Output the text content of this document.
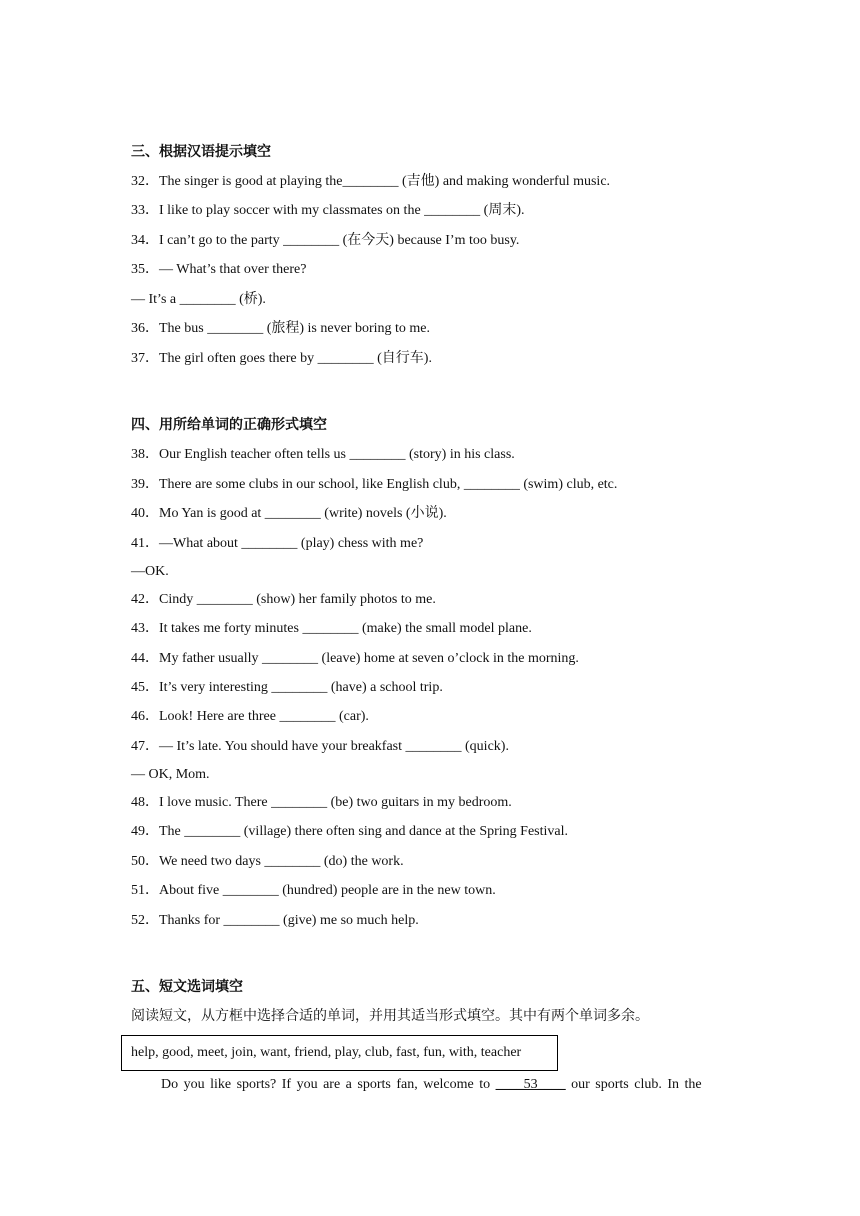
三、根据汉语提示填空
32．The singer is good at playing the________ (吉他) and making wonderful music.
33．I like to play soccer with my classmates on the ________ (周末).
34．I can’t go to the party ________ (在今天) because I’m too busy.
35．— What’s that over there?
— It’s a ________ (桥).
36．The bus ________ (旅程) is never boring to me.
37．The girl often goes there by ________ (自行车).
四、用所给单词的正确形式填空
38．Our English teacher often tells us ________ (story) in his class.
39．There are some clubs in our school, like English club, ________ (swim) club, etc.
40．Mo Yan is good at ________ (write) novels (小说).
41．—What about ________ (play) chess with me?
—OK.
42．Cindy ________ (show) her family photos to me.
43．It takes me forty minutes ________ (make) the small model plane.
44．My father usually ________ (leave) home at seven o’clock in the morning.
45．It’s very interesting ________ (have) a school trip.
46．Look! Here are three ________ (car).
47．— It’s late. You should have your breakfast ________ (quick).
— OK, Mom.
48．I love music. There ________ (be) two guitars in my bedroom.
49．The ________ (village) there often sing and dance at the Spring Festival.
50．We need two days ________ (do) the work.
51．About five ________ (hundred) people are in the new town.
52．Thanks for ________ (give) me so much help.
五、短文选词填空
阅读短文，从方框中选择合适的单词，并用其适当形式填空。其中有两个单词多余。
help, good, meet, join, want, friend, play, club, fast, fun, with, teacher
Do you like sports? If you are a sports fan, welcome to ____53____ our sports club. In the
